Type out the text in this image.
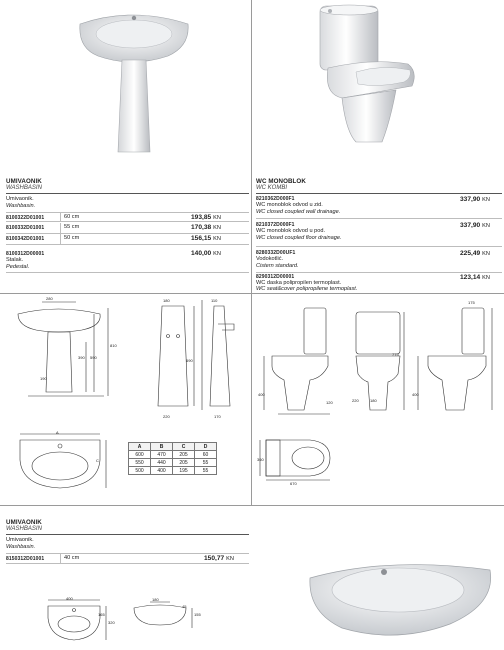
UMIVAONIK
WASHBASIN
Umivaonik.
Washbasin.
8100322D01001	60 cm	193,85 KN
8100332D01001	55 cm	170,38 KN
8100342D01001	50 cm	156,15 KN
8100312D00001
Stalak.
Pedestal.
140,00 KN
WC MONOBLOK
WC KOMBI
8210362D000F1
WC monoblok odvod u zid.
WC closed coupled wall drainage.
337,90 KN
8210372D000F1
WC monoblok odvod u pod.
WC closed coupled floor drainage.
337,90 KN
8280332D00UF1
Vodokotlić.
Cistern standard.
225,49 KN
8290312D00001
WC daska polipropilen termoplast.
WC seat&cover polipropilene termoplast.
123,14 KN
280
810
590
390
190
180
690
220
110
170
A
C
A	B	C	D
600	470	205	60
550	440	205	55
500	400	195	55
400
120
775
220	180
400
175
360
670
UMIVAONIK
WASHBASIN
Umivaonik.
Washbasin.
8150312D01001	40 cm	150,77 KN
400
165
320
180
45
155
